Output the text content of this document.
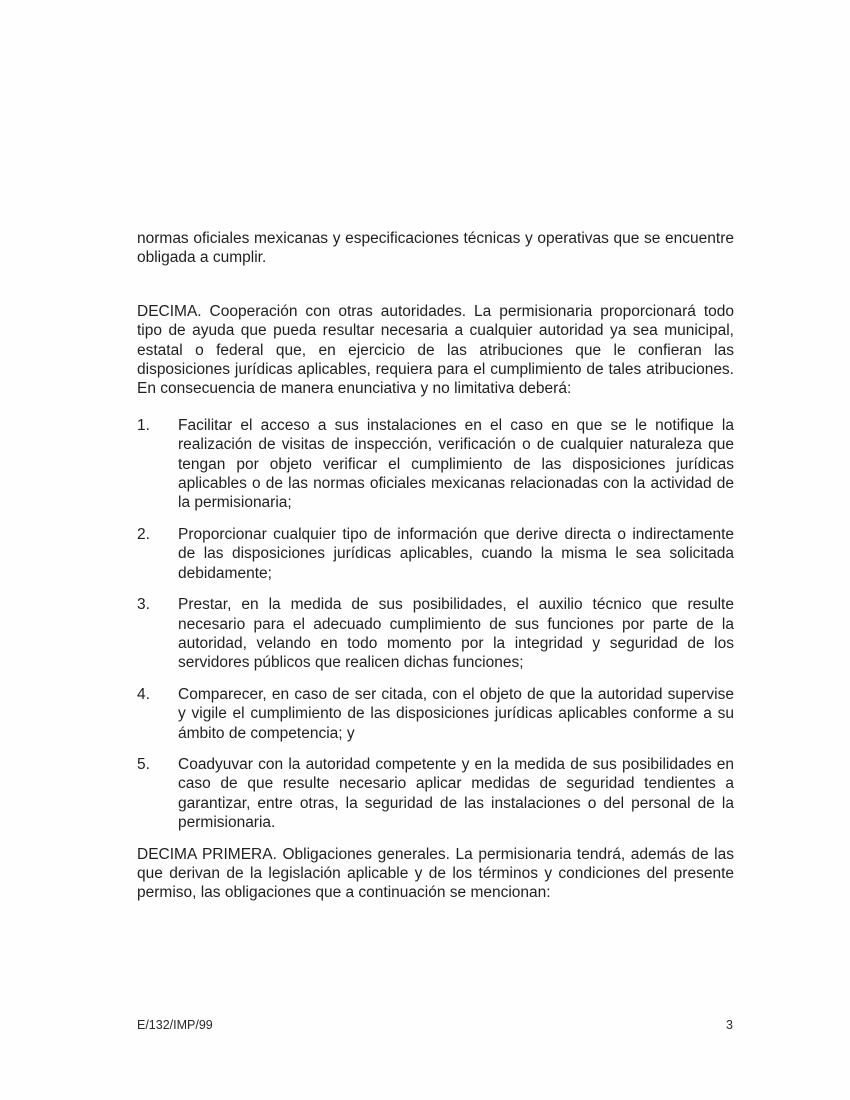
normas oficiales mexicanas y especificaciones técnicas y operativas que se encuentre obligada a cumplir.

DECIMA. Cooperación con otras autoridades. La permisionaria proporcionará todo tipo de ayuda que pueda resultar necesaria a cualquier autoridad ya sea municipal, estatal o federal que, en ejercicio de las atribuciones que le confieran las disposiciones jurídicas aplicables, requiera para el cumplimiento de tales atribuciones. En consecuencia de manera enunciativa y no limitativa deberá:

1.	Facilitar el acceso a sus instalaciones en el caso en que se le notifique la realización de visitas de inspección, verificación o de cualquier naturaleza que tengan por objeto verificar el cumplimiento de las disposiciones jurídicas aplicables o de las normas oficiales mexicanas relacionadas con la actividad de la permisionaria;
2.	Proporcionar cualquier tipo de información que derive directa o indirectamente de las disposiciones jurídicas aplicables, cuando la misma le sea solicitada debidamente;
3.	Prestar, en la medida de sus posibilidades, el auxilio técnico que resulte necesario para el adecuado cumplimiento de sus funciones por parte de la autoridad, velando en todo momento por la integridad y seguridad de los servidores públicos que realicen dichas funciones;
4.	Comparecer, en caso de ser citada, con el objeto de que la autoridad supervise y vigile el cumplimiento de las disposiciones jurídicas aplicables conforme a su ámbito de competencia; y
5.	Coadyuvar con la autoridad competente y en la medida de sus posibilidades en caso de que resulte necesario aplicar medidas de seguridad tendientes a garantizar, entre otras, la seguridad de las instalaciones o del personal de la permisionaria.

DECIMA PRIMERA. Obligaciones generales. La permisionaria tendrá, además de las que derivan de la legislación aplicable y de los términos y condiciones del presente permiso, las obligaciones que a continuación se mencionan:

E/132/IMP/99	3
